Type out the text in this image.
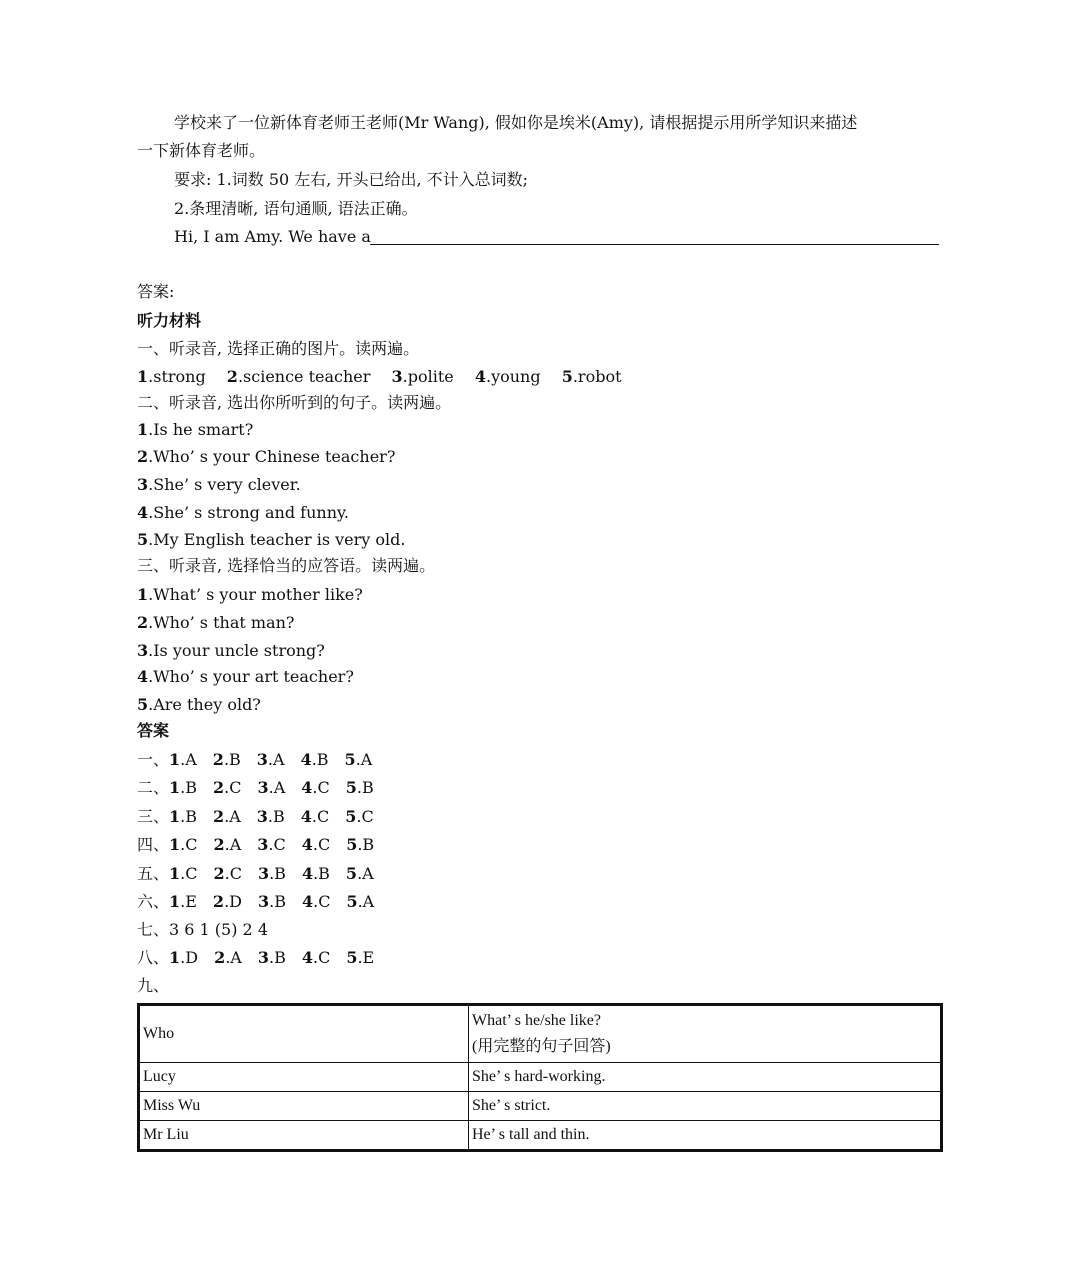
学校来了一位新体育老师王老师(Mr Wang), 假如你是埃米(Amy), 请根据提示用所学知识来描述
一下新体育老师。
要求: 1.词数 50 左右, 开头已给出, 不计入总词数;
2.条理清晰, 语句通顺, 语法正确。
Hi, I am Amy. We have a
答案:
听力材料
一、听录音, 选择正确的图片。读两遍。
1.strong 2.science teacher 3.polite 4.young 5.robot
二、听录音, 选出你所听到的句子。读两遍。
1.Is he smart?
2.Who’ s your Chinese teacher?
3.She’ s very clever.
4.She’ s strong and funny.
5.My English teacher is very old.
三、听录音, 选择恰当的应答语。读两遍。
1.What’ s your mother like?
2.Who’ s that man?
3.Is your uncle strong?
4.Who’ s your art teacher?
5.Are they old?
答案
一、1.A 2.B 3.A 4.B 5.A
二、1.B 2.C 3.A 4.C 5.B
三、1.B 2.A 3.B 4.C 5.C
四、1.C 2.A 3.C 4.C 5.B
五、1.C 2.C 3.B 4.B 5.A
六、1.E 2.D 3.B 4.C 5.A
七、3 6 1 (5) 2 4
八、1.D 2.A 3.B 4.C 5.E
九、
Who	What’ s he/she like?
(用完整的句子回答)

Lucy	She’ s hard-working.
Miss Wu	She’ s strict.
Mr Liu	He’ s tall and thin.
